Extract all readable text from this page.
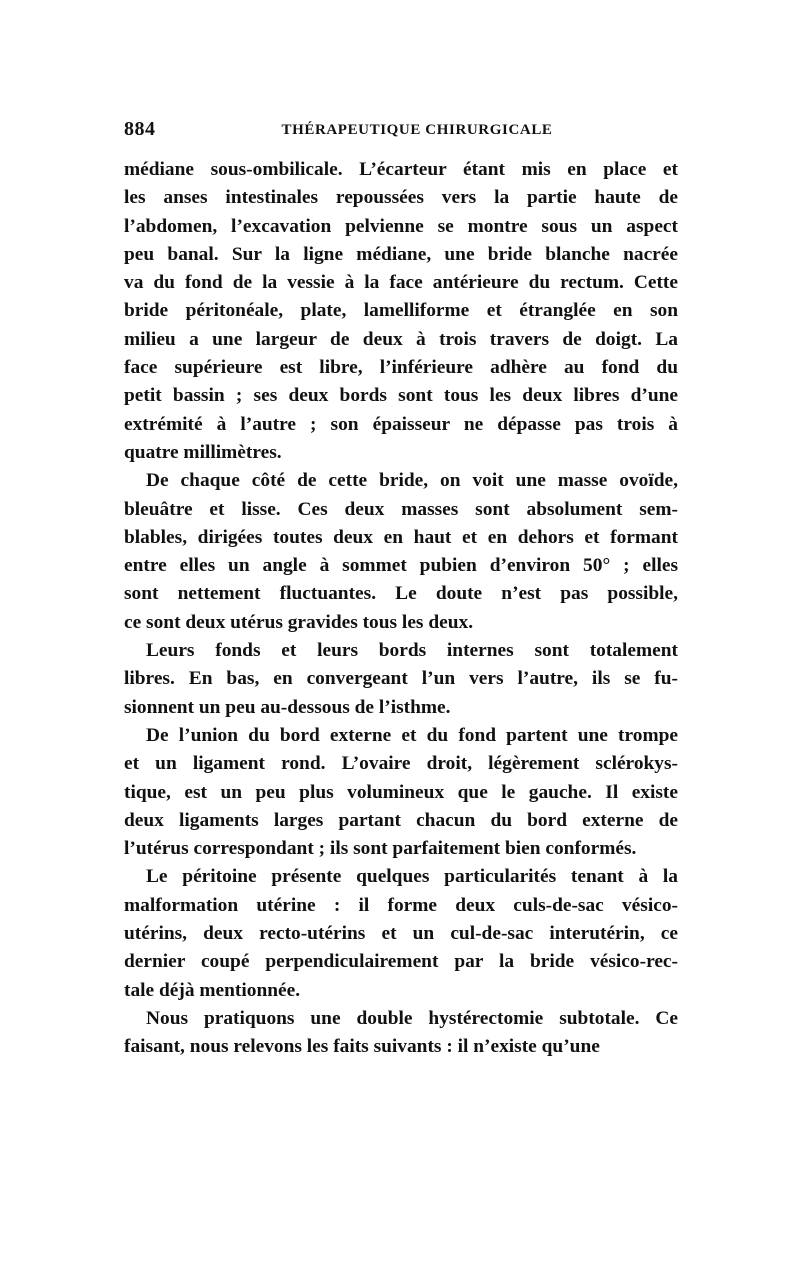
884	THÉRAPEUTIQUE CHIRURGICALE
médiane sous-ombilicale. L’écarteur étant mis en place et
les anses intestinales repoussées vers la partie haute de
l’abdomen, l’excavation pelvienne se montre sous un aspect
peu banal. Sur la ligne médiane, une bride blanche nacrée
va du fond de la vessie à la face antérieure du rectum. Cette
bride péritonéale, plate, lamelliforme et étranglée en son
milieu a une largeur de deux à trois travers de doigt. La
face supérieure est libre, l’inférieure adhère au fond du
petit bassin ; ses deux bords sont tous les deux libres d’une
extrémité à l’autre ; son épaisseur ne dépasse pas trois à
quatre millimètres.
De chaque côté de cette bride, on voit une masse ovoïde,
bleuâtre et lisse. Ces deux masses sont absolument sem-
blables, dirigées toutes deux en haut et en dehors et formant
entre elles un angle à sommet pubien d’environ 50° ; elles
sont nettement fluctuantes. Le doute n’est pas possible,
ce sont deux utérus gravides tous les deux.
Leurs fonds et leurs bords internes sont totalement
libres. En bas, en convergeant l’un vers l’autre, ils se fu-
sionnent un peu au-dessous de l’isthme.
De l’union du bord externe et du fond partent une trompe
et un ligament rond. L’ovaire droit, légèrement sclérokys-
tique, est un peu plus volumineux que le gauche. Il existe
deux ligaments larges partant chacun du bord externe de
l’utérus correspondant ; ils sont parfaitement bien conformés.
Le péritoine présente quelques particularités tenant à la
malformation utérine : il forme deux culs-de-sac vésico-
utérins, deux recto-utérins et un cul-de-sac interutérin, ce
dernier coupé perpendiculairement par la bride vésico-rec-
tale déjà mentionnée.
Nous pratiquons une double hystérectomie subtotale. Ce
faisant, nous relevons les faits suivants : il n’existe qu’une
